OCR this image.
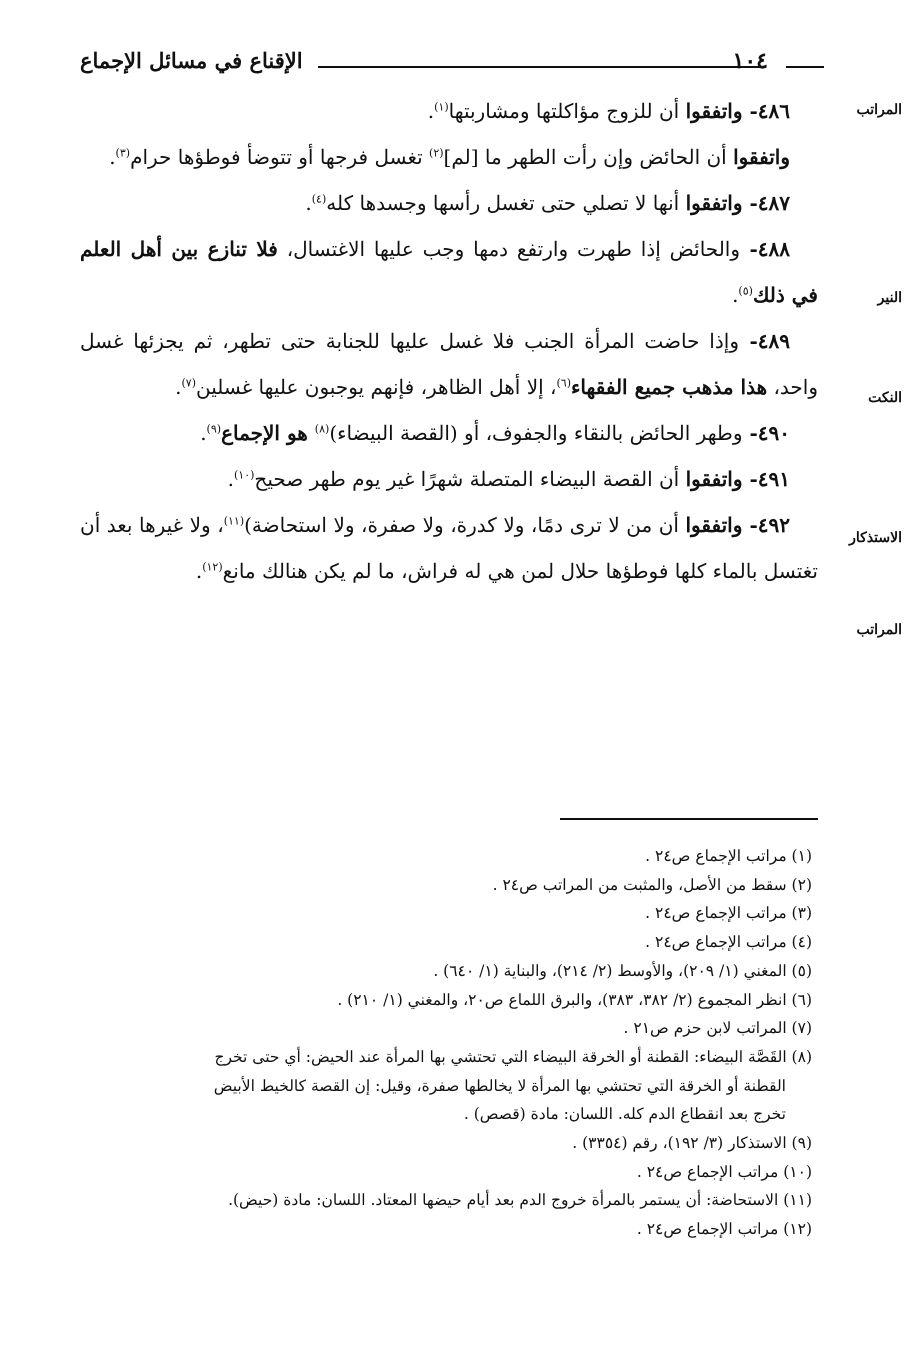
الإقناع في مسائل الإجماع	١٠٤
المراتب
النير
النكت
الاستذكار
المراتب

٤٨٦- واتفقوا أن للزوج مؤاكلتها ومشاربتها$^{(١)}$.

واتفقوا أن الحائض وإن رأت الطهر ما [لم]$^{(٢)}$ تغسل فرجها أو تتوضأ فوطؤها حرام$^{(٣)}$.

٤٨٧- واتفقوا أنها لا تصلي حتى تغسل رأسها وجسدها كله$^{(٤)}$.

٤٨٨- والحائض إذا طهرت وارتفع دمها وجب عليها الاغتسال، فلا تنازع بين أهل العلم في ذلك$^{(٥)}$.

٤٨٩- وإذا حاضت المرأة الجنب فلا غسل عليها للجنابة حتى تطهر، ثم يجزئها غسل واحد، هذا مذهب جميع الفقهاء$^{(٦)}$، إلا أهل الظاهر، فإنهم يوجبون عليها غسلين$^{(٧)}$.

٤٩٠- وطهر الحائض بالنقاء والجفوف، أو (القصة البيضاء)$^{(٨)}$ هو الإجماع$^{(٩)}$.

٤٩١- واتفقوا أن القصة البيضاء المتصلة شهرًا غير يوم طهر صحيح$^{(١٠)}$.

٤٩٢- واتفقوا أن من لا ترى دمًا، ولا كدرة، ولا صفرة، ولا استحاضة)$^{(١١)}$، ولا غيرها بعد أن تغتسل بالماء كلها فوطؤها حلال لمن هي له فراش، ما لم يكن هنالك مانع$^{(١٢)}$.

(١) مراتب الإجماع ص٢٤ .

(٢) سقط من الأصل، والمثبت من المراتب ص٢٤ .

(٣) مراتب الإجماع ص٢٤ .

(٤) مراتب الإجماع ص٢٤ .

(٥) المغني (١/ ٢٠٩)، والأوسط (٢/ ٢١٤)، والبناية (١/ ٦٤٠) .

(٦) انظر المجموع (٢/ ٣٨٢، ٣٨٣)، والبرق اللماع ص٢٠، والمغني (١/ ٢١٠) .

(٧) المراتب لابن حزم ص٢١ .

(٨) القَصَّة البيضاء: القطنة أو الخرقة البيضاء التي تحتشي بها المرأة عند الحيض: أي حتى تخرج

القطنة أو الخرقة التي تحتشي بها المرأة لا يخالطها صفرة، وقيل: إن القصة كالخيط الأبيض

تخرج بعد انقطاع الدم كله. اللسان: مادة (قصص) .

(٩) الاستذكار (٣/ ١٩٢)، رقم (٣٣٥٤) .

(١٠) مراتب الإجماع ص٢٤ .

(١١) الاستحاضة: أن يستمر بالمرأة خروج الدم بعد أيام حيضها المعتاد. اللسان: مادة (حيض).

(١٢) مراتب الإجماع ص٢٤ .
